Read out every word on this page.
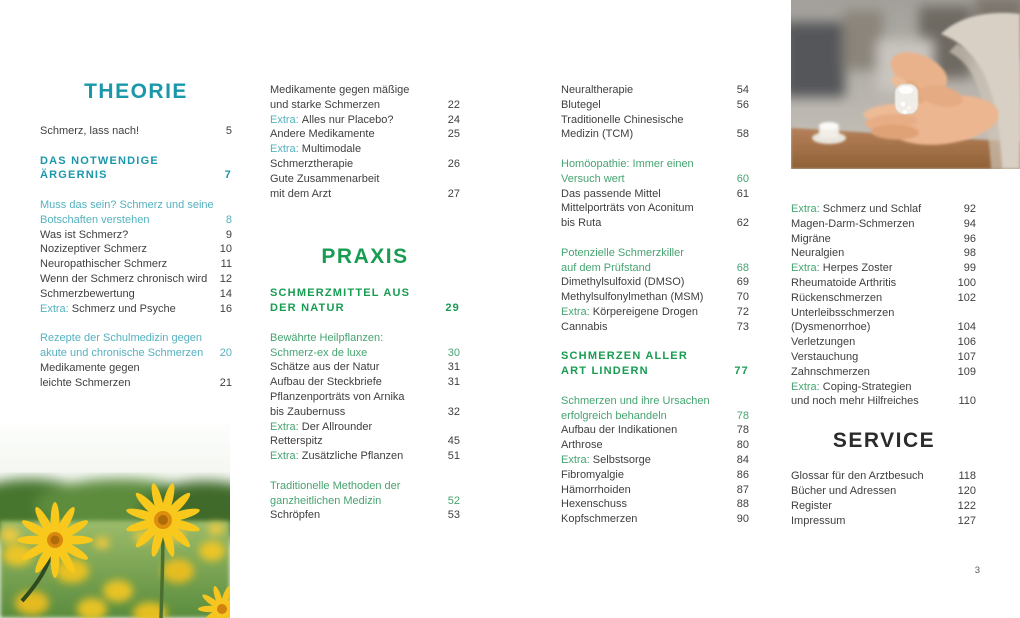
THEORIE
PRAXIS
SERVICE
Schmerz, lass nach!	5
DAS NOTWENDIGE
ÄRGERNIS	7
Muss das sein? Schmerz und seine
Botschaften verstehen	8
Was ist Schmerz?	9
Nozizeptiver Schmerz	10
Neuropathischer Schmerz	11
Wenn der Schmerz chronisch wird	12
Schmerzbewertung	14
Extra: Schmerz und Psyche	16
Rezepte der Schulmedizin gegen
akute und chronische Schmerzen	20
Medikamente gegen
leichte Schmerzen	21
Medikamente gegen mäßige
und starke Schmerzen	22
Extra: Alles nur Placebo?	24
Andere Medikamente	25
Extra: Multimodale
Schmerztherapie	26
Gute Zusammenarbeit
mit dem Arzt	27
SCHMERZMITTEL AUS
DER NATUR	29
Bewährte Heilpflanzen:
Schmerz-ex de luxe	30
Schätze aus der Natur	31
Aufbau der Steckbriefe	31
Pflanzenporträts von Arnika
bis Zaubernuss	32
Extra: Der Allrounder
Retterspitz	45
Extra: Zusätzliche Pflanzen	51
Traditionelle Methoden der
ganzheitlichen Medizin	52
Schröpfen	53
Neuraltherapie	54
Blutegel	56
Traditionelle Chinesische
Medizin (TCM)	58
Homöopathie: Immer einen
Versuch wert	60
Das passende Mittel	61
Mittelporträts von Aconitum
bis Ruta	62
Potenzielle Schmerzkiller
auf dem Prüfstand	68
Dimethylsulfoxid (DMSO)	69
Methylsulfonylmethan (MSM)	70
Extra: Körpereigene Drogen	72
Cannabis	73
SCHMERZEN ALLER
ART LINDERN	77
Schmerzen und ihre Ursachen
erfolgreich behandeln	78
Aufbau der Indikationen	78
Arthrose	80
Extra: Selbstsorge	84
Fibromyalgie	86
Hämorrhoiden	87
Hexenschuss	88
Kopfschmerzen	90
Extra: Schmerz und Schlaf	92
Magen-Darm-Schmerzen	94
Migräne	96
Neuralgien	98
Extra: Herpes Zoster	99
Rheumatoide Arthritis	100
Rückenschmerzen	102
Unterleibsschmerzen
(Dysmenorrhoe)	104
Verletzungen	106
Verstauchung	107
Zahnschmerzen	109
Extra: Coping-Strategien
und noch mehr Hilfreiches	110
Glossar für den Arztbesuch	118
Bücher und Adressen	120
Register	122
Impressum	127
3
